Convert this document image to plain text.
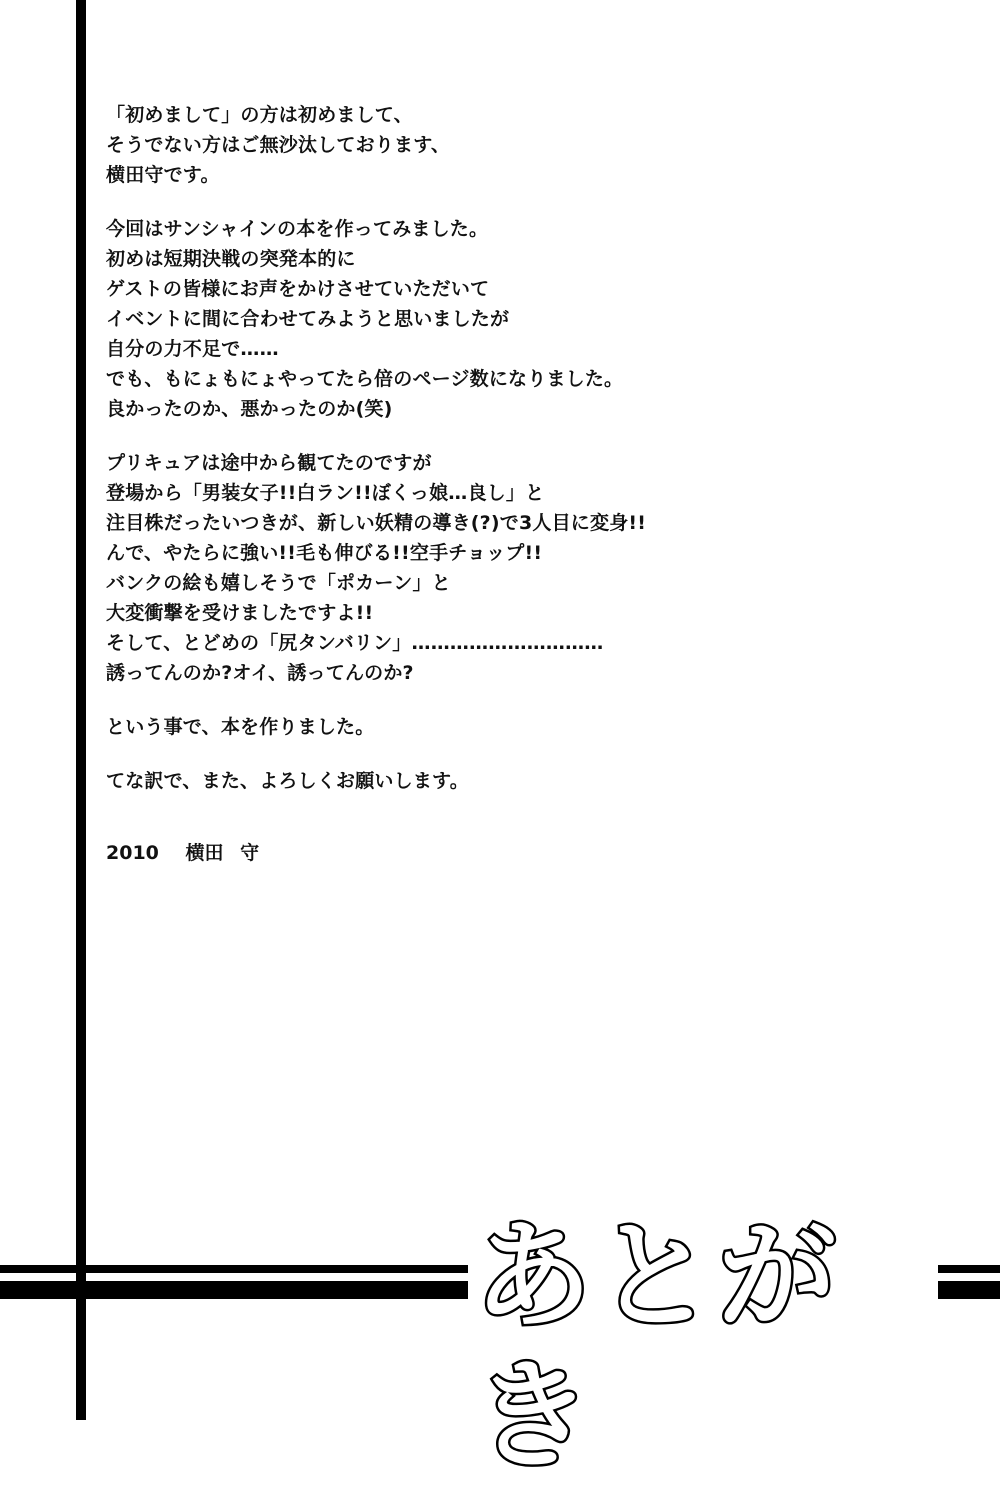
「初めまして」の方は初めまして、
そうでない方はご無沙汰しております、
横田守です。
今回はサンシャインの本を作ってみました。
初めは短期決戦の突発本的に
ゲストの皆様にお声をかけさせていただいて
イベントに間に合わせてみようと思いましたが
自分の力不足で……
でも、もにょもにょやってたら倍のページ数になりました。
良かったのか、悪かったのか(笑)
プリキュアは途中から観てたのですが
登場から「男装女子!!白ラン!!ぼくっ娘…良し」と
注目株だったいつきが、新しい妖精の導き(?)で3人目に変身!!
んで、やたらに強い!!毛も伸びる!!空手チョップ!!
バンクの絵も嬉しそうで「ポカーン」と
大変衝撃を受けましたですよ!!
そして、とどめの「尻タンバリン」…………………………
誘ってんのか?オイ、誘ってんのか?
という事で、本を作りました。
てな訳で、また、よろしくお願いします。
2010 横田 守
あとがき
